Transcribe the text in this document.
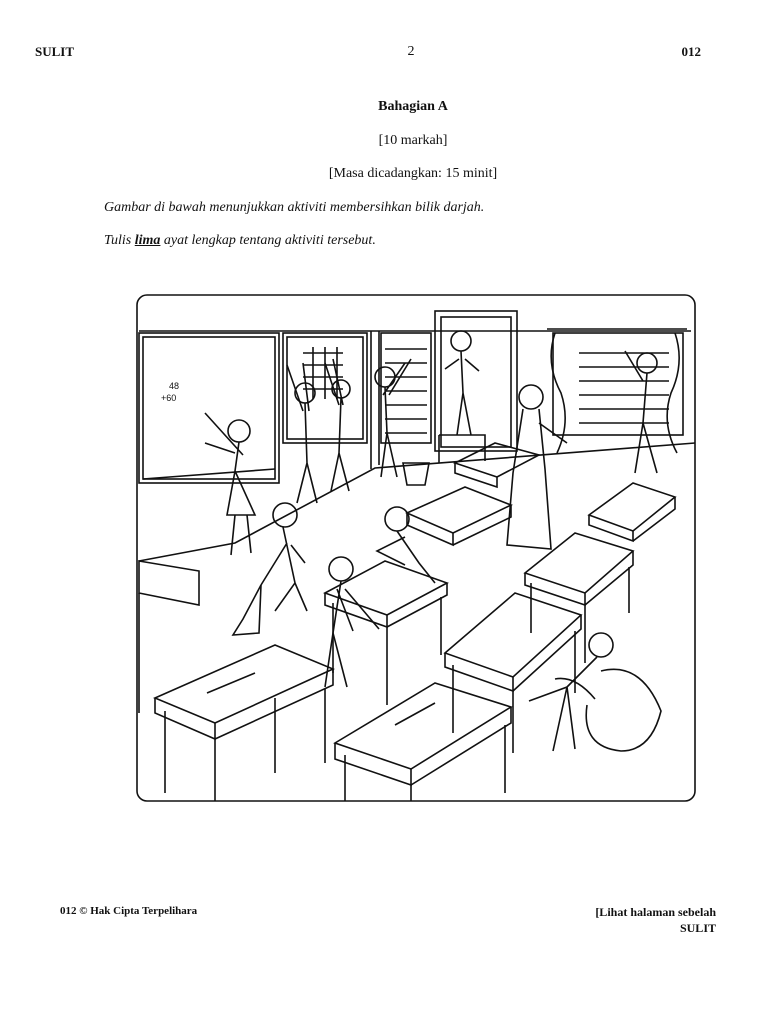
SULIT	2	012
Bahagian A
[10 markah]
[Masa dicadangkan: 15 minit]
Gambar di bawah menunjukkan aktiviti membersihkan bilik darjah.
Tulis lima ayat lengkap tentang aktiviti tersebut.
48
+60
012 © Hak Cipta Terpelihara	[Lihat halaman sebelah
SULIT
